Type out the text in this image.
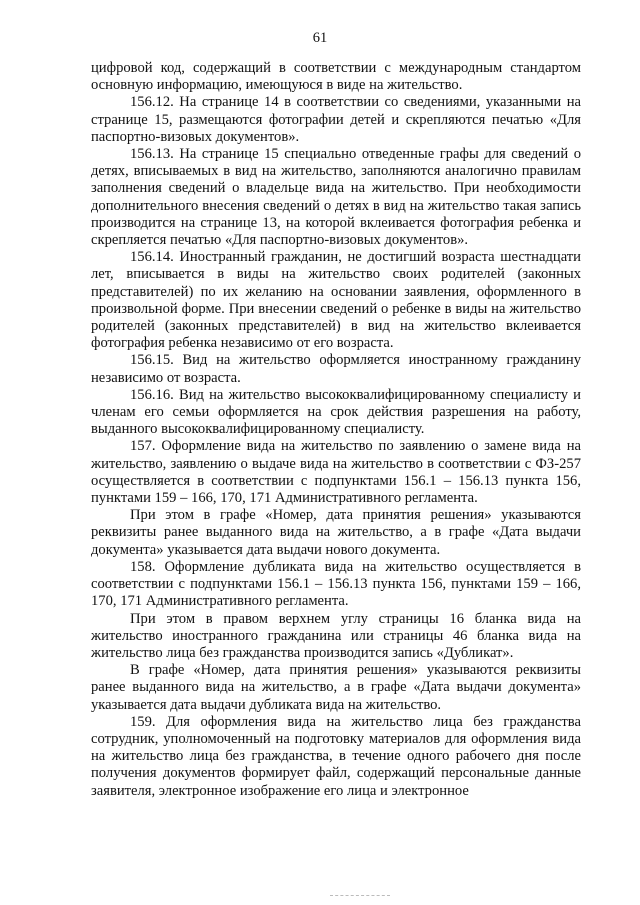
61

цифровой код, содержащий в соответствии с международным стандартом основную информацию, имеющуюся в виде на жительство.

156.12. На странице 14 в соответствии со сведениями, указанными на странице 15, размещаются фотографии детей и скрепляются печатью «Для паспортно-визовых документов».

156.13. На странице 15 специально отведенные графы для сведений о детях, вписываемых в вид на жительство, заполняются аналогично правилам заполнения сведений о владельце вида на жительство. При необходимости дополнительного внесения сведений о детях в вид на жительство такая запись производится на странице 13, на которой вклеивается фотография ребенка и скрепляется печатью «Для паспортно-визовых документов».

156.14. Иностранный гражданин, не достигший возраста шестнадцати лет, вписывается в виды на жительство своих родителей (законных представителей) по их желанию на основании заявления, оформленного в произвольной форме. При внесении сведений о ребенке в виды на жительство родителей (законных представителей) в вид на жительство вклеивается фотография ребенка независимо от его возраста.

156.15. Вид на жительство оформляется иностранному гражданину независимо от возраста.

156.16. Вид на жительство высококвалифицированному специалисту и членам его семьи оформляется на срок действия разрешения на работу, выданного высококвалифицированному специалисту.

157. Оформление вида на жительство по заявлению о замене вида на жительство, заявлению о выдаче вида на жительство в соответствии с ФЗ-257 осуществляется в соответствии с подпунктами 156.1 – 156.13 пункта 156, пунктами 159 – 166, 170, 171 Административного регламента.

При этом в графе «Номер, дата принятия решения» указываются реквизиты ранее выданного вида на жительство, а в графе «Дата выдачи документа» указывается дата выдачи нового документа.

158. Оформление дубликата вида на жительство осуществляется в соответствии с подпунктами 156.1 – 156.13 пункта 156, пунктами 159 – 166, 170, 171 Административного регламента.

При этом в правом верхнем углу страницы 16 бланка вида на жительство иностранного гражданина или страницы 46 бланка вида на жительство лица без гражданства производится запись «Дубликат».

В графе «Номер, дата принятия решения» указываются реквизиты ранее выданного вида на жительство, а в графе «Дата выдачи документа» указывается дата выдачи дубликата вида на жительство.

159. Для оформления вида на жительство лица без гражданства сотрудник, уполномоченный на подготовку материалов для оформления вида на жительство лица без гражданства, в течение одного рабочего дня после получения документов формирует файл, содержащий персональные данные заявителя, электронное изображение его лица и электронное
